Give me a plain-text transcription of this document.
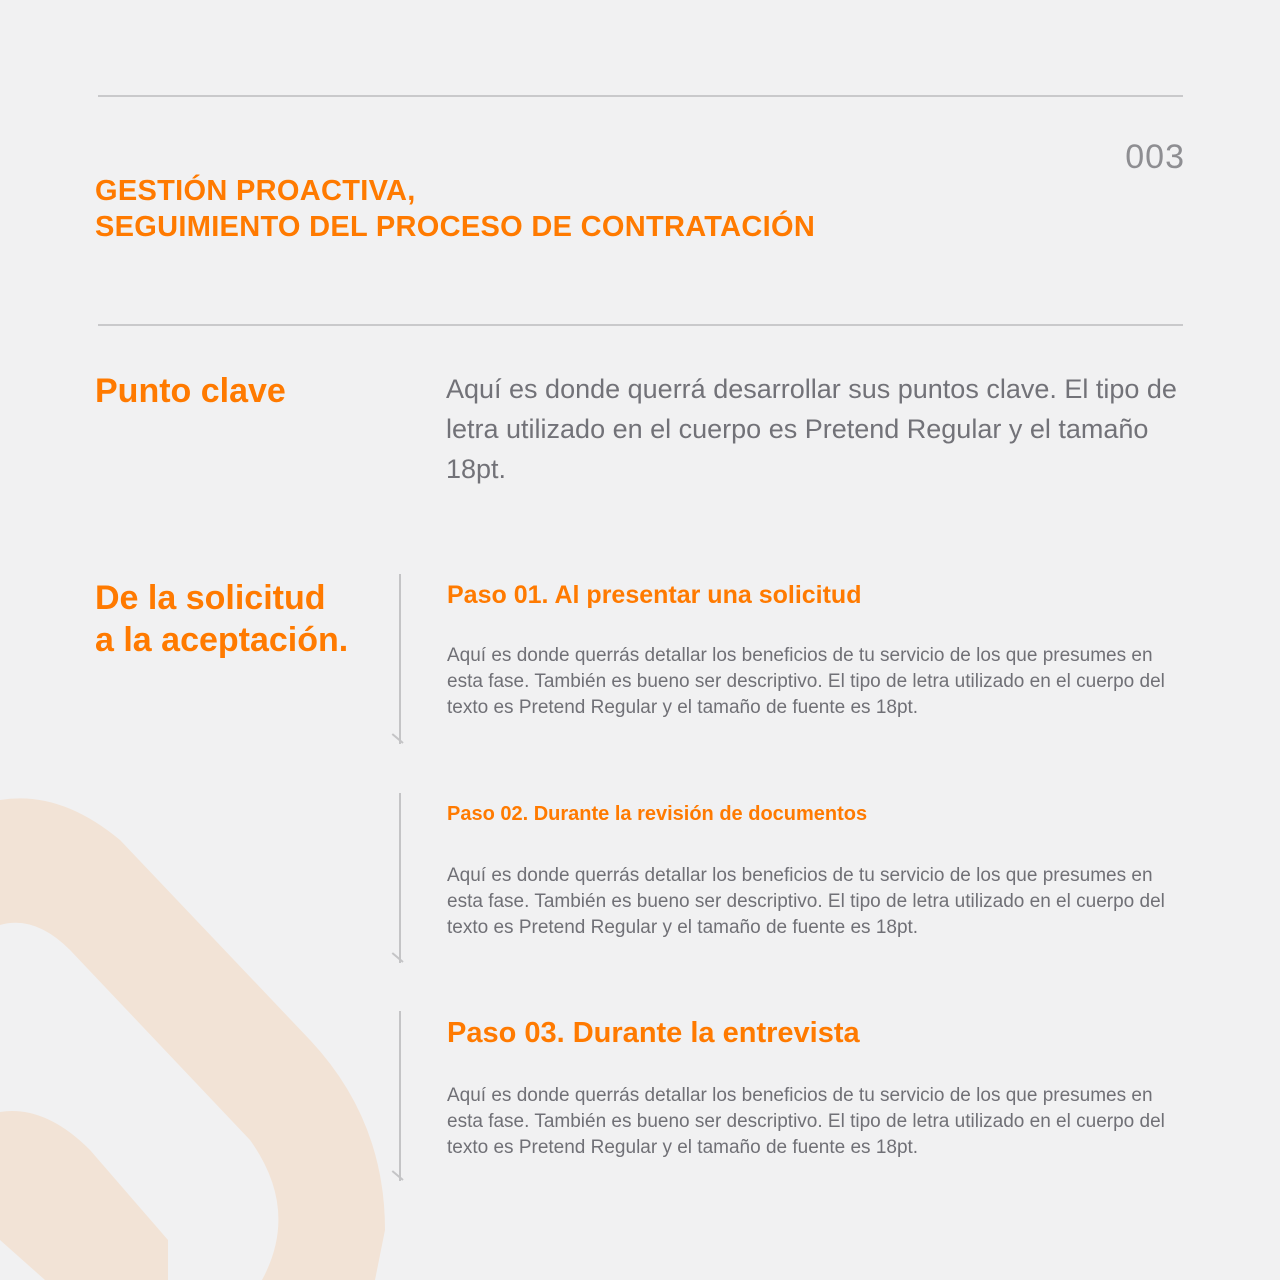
003
GESTIÓN PROACTIVA,
SEGUIMIENTO DEL PROCESO DE CONTRATACIÓN
Punto clave	Aquí es donde querrá desarrollar sus puntos clave. El tipo de letra utilizado en el cuerpo es Pretend Regular y el tamaño 18pt.
De la solicitud
a la aceptación.
Paso 01. Al presentar una solicitud
Aquí es donde querrás detallar los beneficios de tu servicio de los que presumes en esta fase. También es bueno ser descriptivo. El tipo de letra utilizado en el cuerpo del texto es Pretend Regular y el tamaño de fuente es 18pt.
Paso 02. Durante la revisión de documentos
Aquí es donde querrás detallar los beneficios de tu servicio de los que presumes en esta fase. También es bueno ser descriptivo. El tipo de letra utilizado en el cuerpo del texto es Pretend Regular y el tamaño de fuente es 18pt.
Paso 03. Durante la entrevista
Aquí es donde querrás detallar los beneficios de tu servicio de los que presumes en esta fase. También es bueno ser descriptivo. El tipo de letra utilizado en el cuerpo del texto es Pretend Regular y el tamaño de fuente es 18pt.
